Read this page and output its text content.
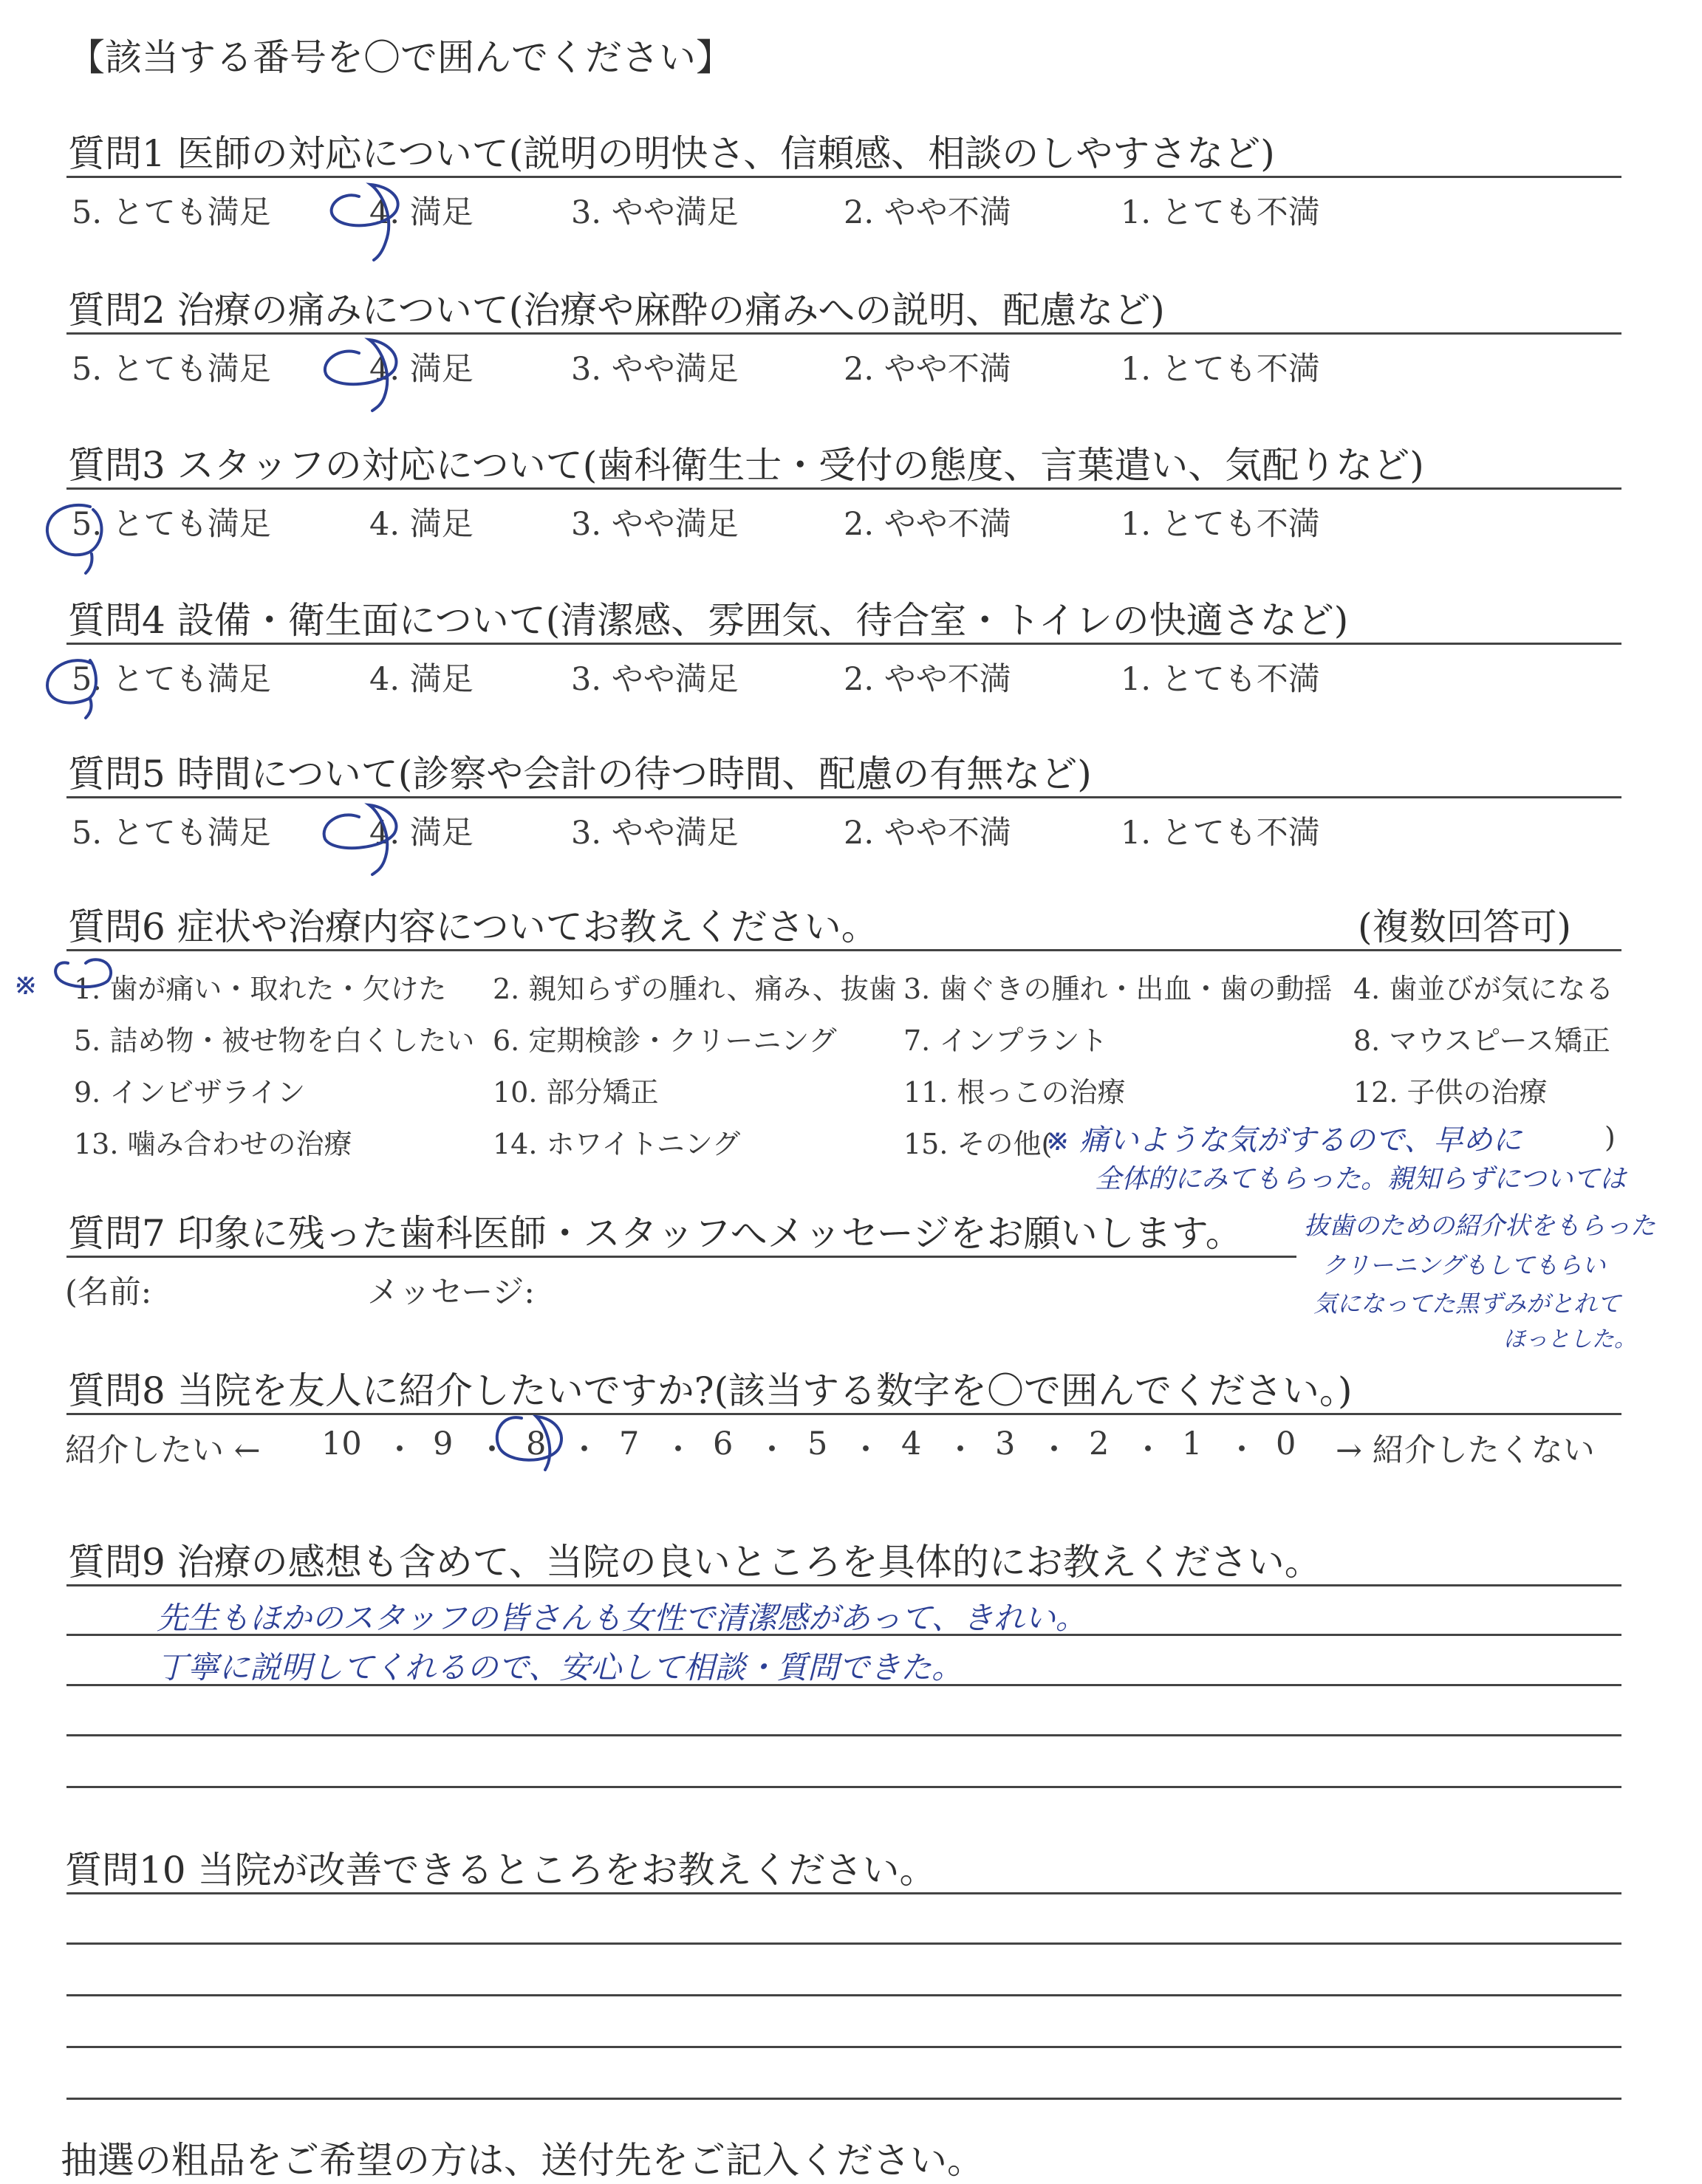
【該当する番号を〇で囲んでください】
質問1 医師の対応について(説明の明快さ、信頼感、相談のしやすさなど)
5. とても満足	4. 満足	3. やや満足	2. やや不満	1. とても不満
質問2 治療の痛みについて(治療や麻酔の痛みへの説明、配慮など)
5. とても満足	4. 満足	3. やや満足	2. やや不満	1. とても不満
質問3 スタッフの対応について(歯科衛生士・受付の態度、言葉遣い、気配りなど)
5. とても満足	4. 満足	3. やや満足	2. やや不満	1. とても不満
質問4 設備・衛生面について(清潔感、雰囲気、待合室・トイレの快適さなど)
5. とても満足	4. 満足	3. やや満足	2. やや不満	1. とても不満
質問5 時間について(診察や会計の待つ時間、配慮の有無など)
5. とても満足	4. 満足	3. やや満足	2. やや不満	1. とても不満
質問6 症状や治療内容についてお教えください。	(複数回答可)
1. 歯が痛い・取れた・欠けた 2. 親知らずの腫れ、痛み、抜歯 3. 歯ぐきの腫れ・出血・歯の動揺 4. 歯並びが気になる
5. 詰め物・被せ物を白くしたい 6. 定期検診・クリーニング 7. インプラント	8. マウスピース矯正
9. インビザライン	10. 部分矯正	11. 根っこの治療	12. 子供の治療
13. 噛み合わせの治療	14. ホワイトニング	15. その他(	)
※
※ 痛いような気がするので、早めに
全体的にみてもらった。親知らずについては
抜歯のための紹介状をもらった
クリーニングもしてもらい
気になってた黒ずみがとれて
ほっとした。
質問7 印象に残った歯科医師・スタッフへメッセージをお願いします。
(名前:	メッセージ:
質問8 当院を友人に紹介したいですか?(該当する数字を〇で囲んでください。)
紹介したい ←	→ 紹介したくない
10 ・ 9 ・ 8 ・ 7 ・ 6 ・ 5 ・ 4 ・ 3 ・ 2 ・ 1 ・ 0
質問9 治療の感想も含めて、当院の良いところを具体的にお教えください。
先生もほかのスタッフの皆さんも女性で清潔感があって、きれい。
丁寧に説明してくれるので、安心して相談・質問できた。
質問10 当院が改善できるところをお教えください。
抽選の粗品をご希望の方は、送付先をご記入ください。
